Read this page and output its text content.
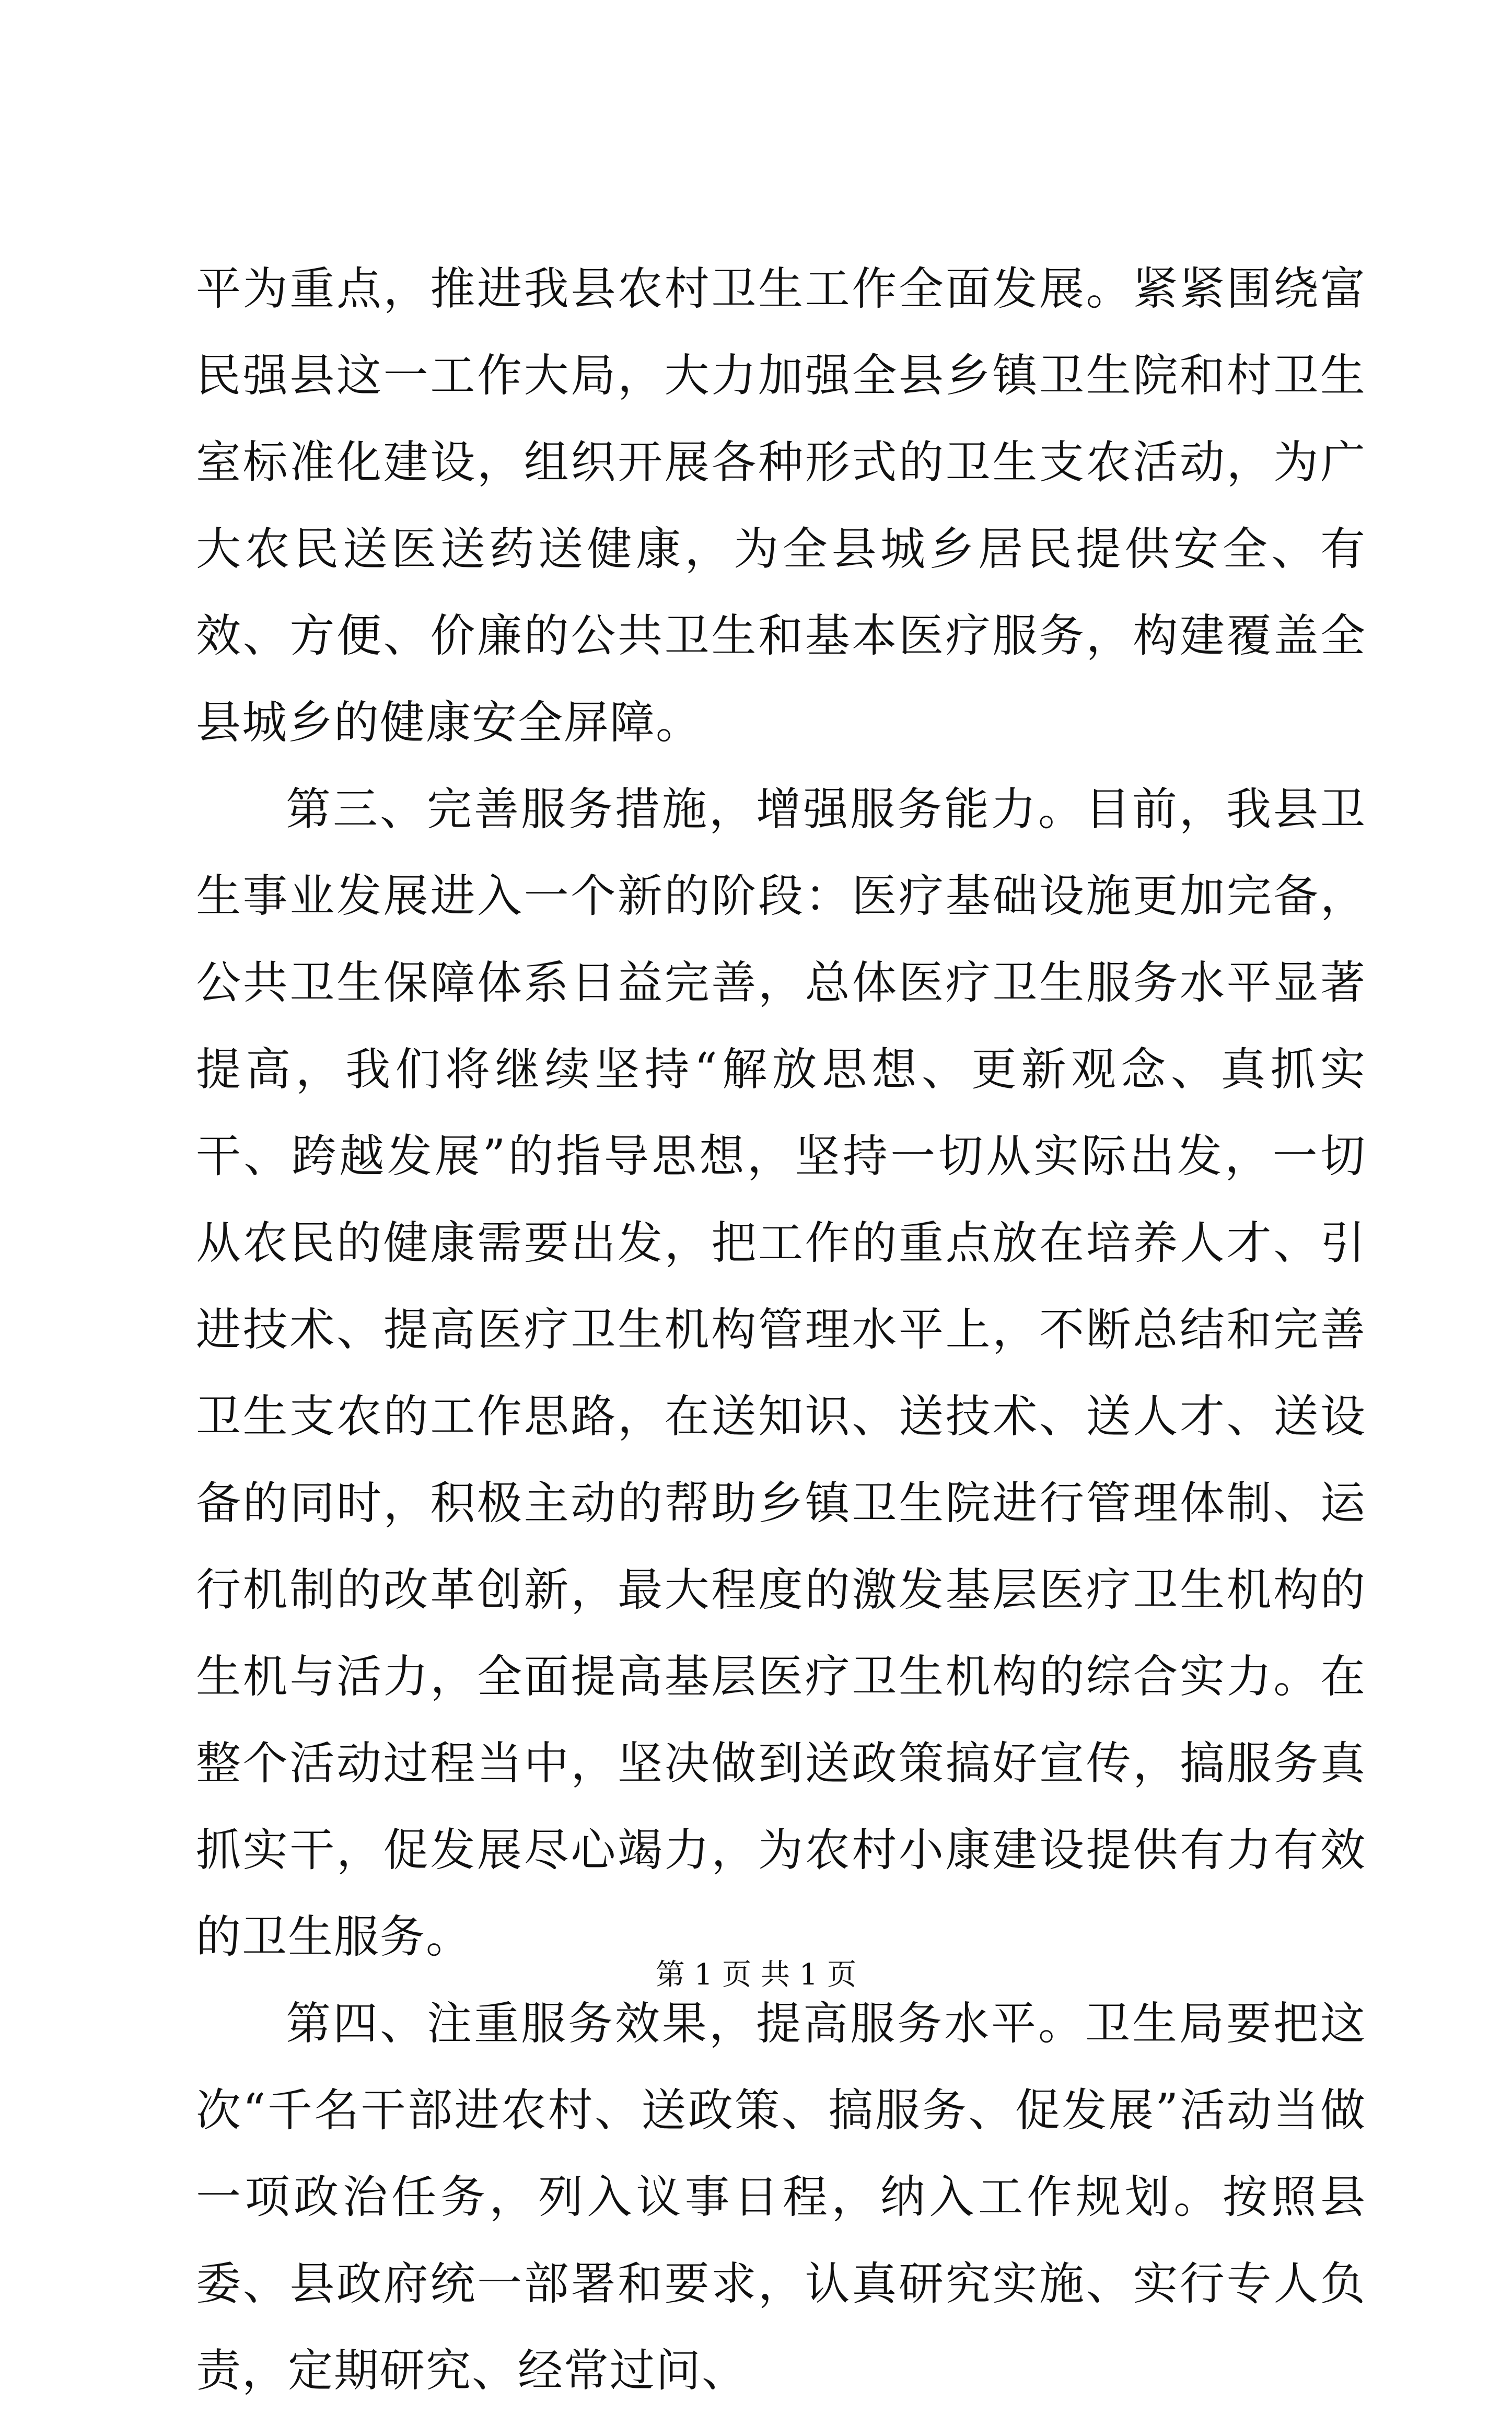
平为重点，推进我县农村卫生工作全面发展。紧紧围绕富民强县这一工作大局，大力加强全县乡镇卫生院和村卫生室标准化建设，组织开展各种形式的卫生支农活动，为广大农民送医送药送健康，为全县城乡居民提供安全、有效、方便、价廉的公共卫生和基本医疗服务，构建覆盖全县城乡的健康安全屏障。

第三、完善服务措施，增强服务能力。目前，我县卫生事业发展进入一个新的阶段：医疗基础设施更加完备，公共卫生保障体系日益完善，总体医疗卫生服务水平显著提高，我们将继续坚持“解放思想、更新观念、真抓实干、跨越发展”的指导思想，坚持一切从实际出发，一切从农民的健康需要出发，把工作的重点放在培养人才、引进技术、提高医疗卫生机构管理水平上，不断总结和完善卫生支农的工作思路，在送知识、送技术、送人才、送设备的同时，积极主动的帮助乡镇卫生院进行管理体制、运行机制的改革创新，最大程度的激发基层医疗卫生机构的生机与活力，全面提高基层医疗卫生机构的综合实力。在整个活动过程当中，坚决做到送政策搞好宣传，搞服务真抓实干，促发展尽心竭力，为农村小康建设提供有力有效的卫生服务。

第四、注重服务效果，提高服务水平。卫生局要把这次“千名干部进农村、送政策、搞服务、促发展”活动当做一项政治任务，列入议事日程，纳入工作规划。按照县委、县政府统一部署和要求，认真研究实施、实行专人负责，定期研究、经常过问、

第 1 页 共 1 页
